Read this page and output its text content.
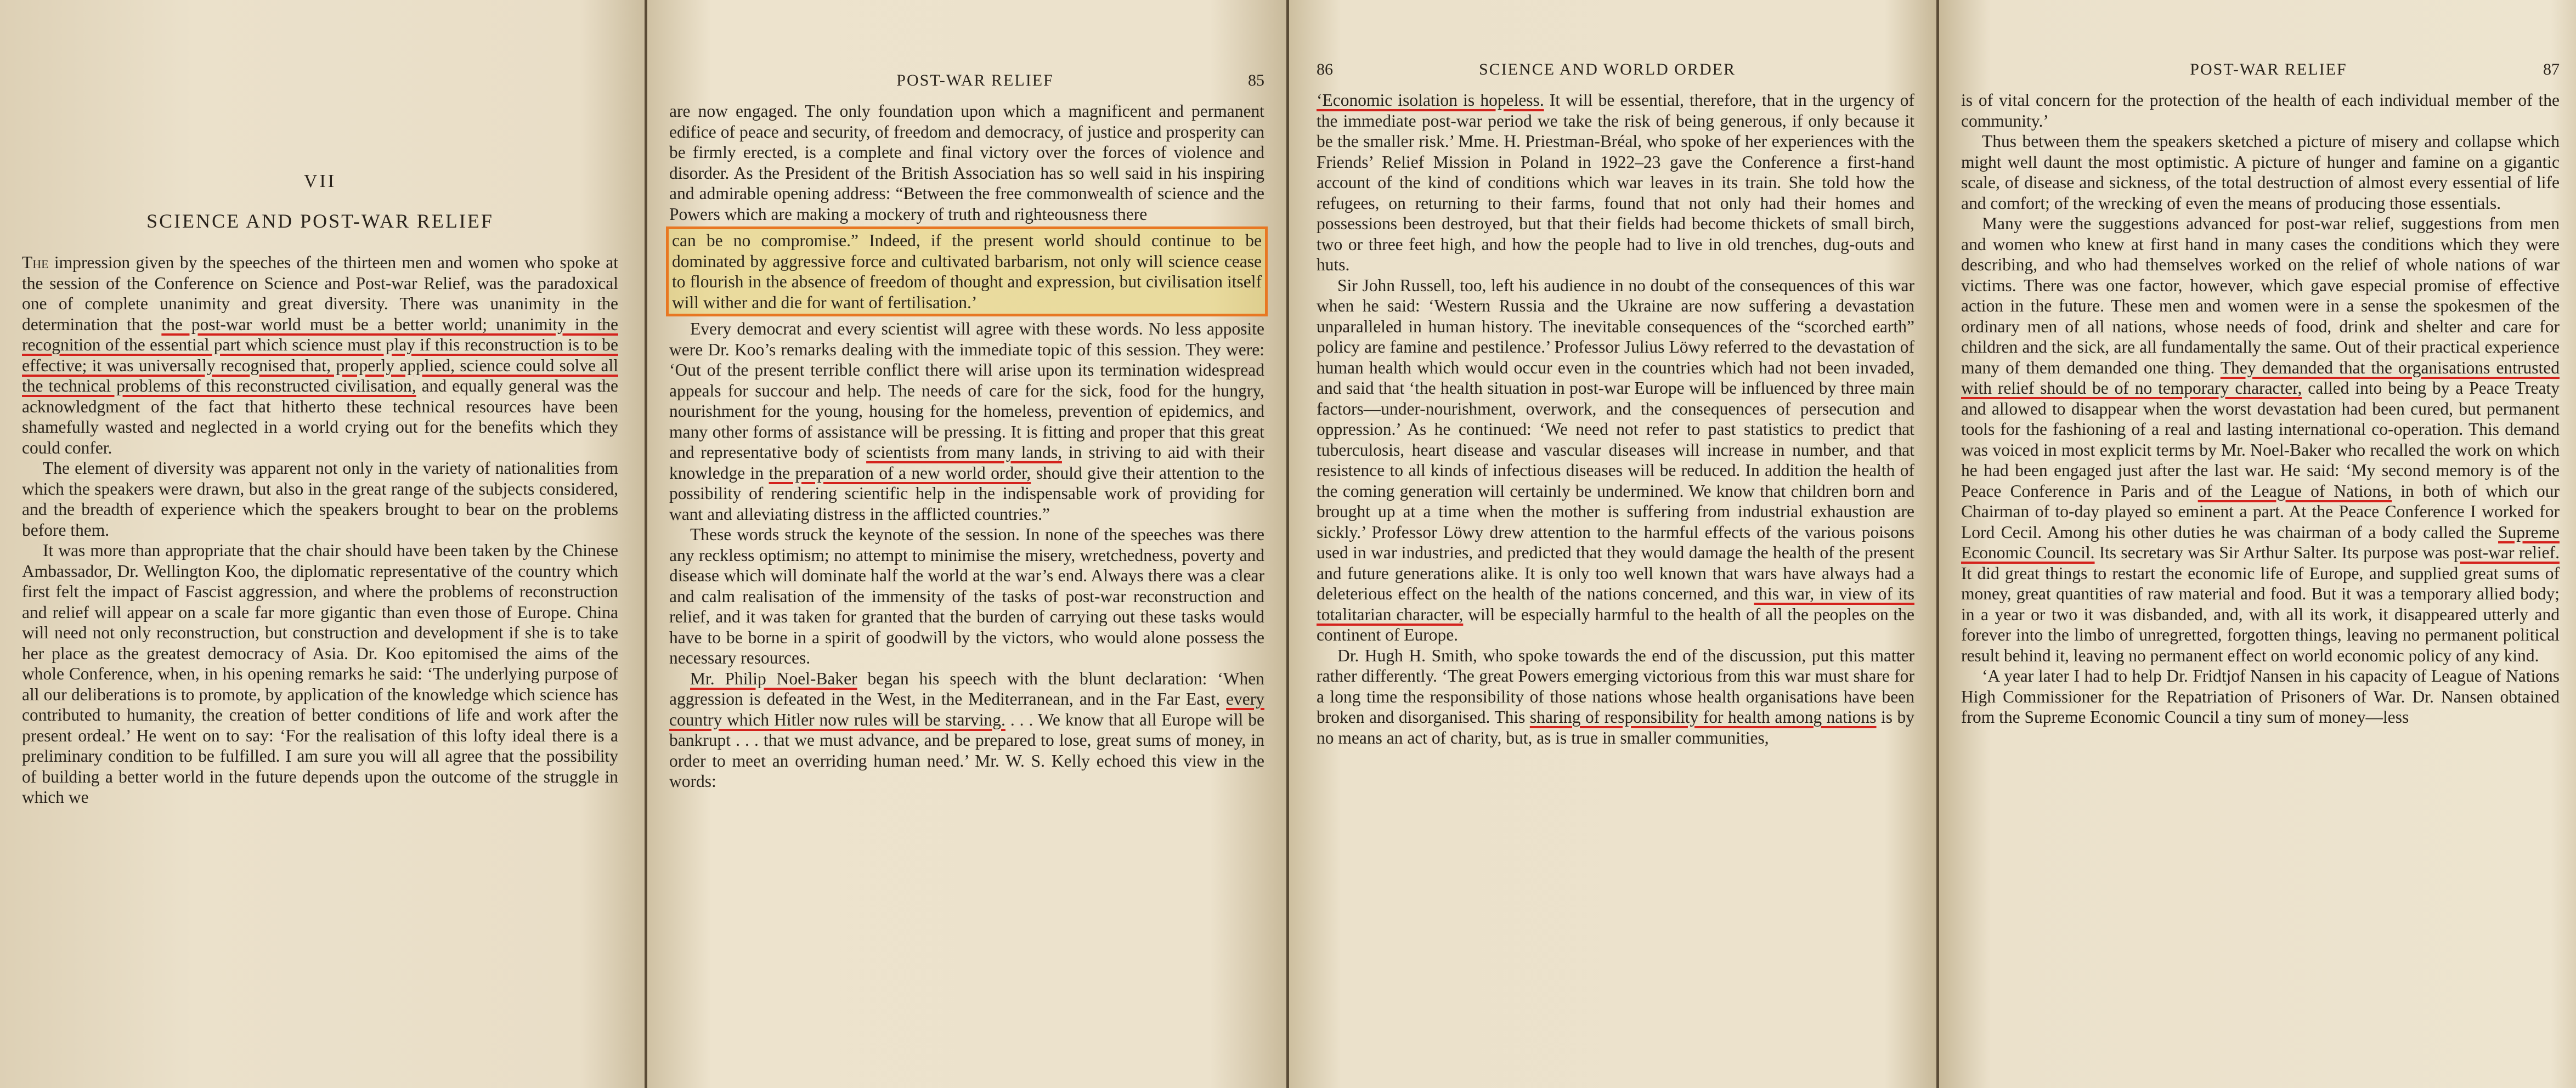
VII
SCIENCE AND POST-WAR RELIEF

The impression given by the speeches of the thirteen men and women who spoke at the session of the Conference on Science and Post-war Relief, was the paradoxical one of complete unanimity and great diversity. There was unanimity in the determination that the post-war world must be a better world; unanimity in the recognition of the essential part which science must play if this reconstruction is to be effective; it was universally recognised that, properly applied, science could solve all the technical problems of this reconstructed civilisation, and equally general was the acknowledgment of the fact that hitherto these technical resources have been shamefully wasted and neglected in a world crying out for the benefits which they could confer.

The element of diversity was apparent not only in the variety of nationalities from which the speakers were drawn, but also in the great range of the subjects considered, and the breadth of experience which the speakers brought to bear on the problems before them.

It was more than appropriate that the chair should have been taken by the Chinese Ambassador, Dr. Wellington Koo, the diplomatic representative of the country which first felt the impact of Fascist aggression, and where the problems of reconstruction and relief will appear on a scale far more gigantic than even those of Europe. China will need not only reconstruction, but construction and development if she is to take her place as the greatest democracy of Asia. Dr. Koo epitomised the aims of the whole Conference, when, in his opening remarks he said: ‘The underlying purpose of all our deliberations is to promote, by application of the knowledge which science has contributed to humanity, the creation of better conditions of life and work after the present ordeal.’ He went on to say: ‘For the realisation of this lofty ideal there is a preliminary condition to be fulfilled. I am sure you will all agree that the possibility of building a better world in the future depends upon the outcome of the struggle in which we

POST-WAR RELIEF	85

are now engaged. The only foundation upon which a magnificent and permanent edifice of peace and security, of freedom and democracy, of justice and prosperity can be firmly erected, is a complete and final victory over the forces of violence and disorder. As the President of the British Association has so well said in his inspiring and admirable opening address: “Between the free commonwealth of science and the Powers which are making a mockery of truth and righteousness there

can be no compromise.” Indeed, if the present world should continue to be dominated by aggressive force and cultivated barbarism, not only will science cease to flourish in the absence of freedom of thought and expression, but civilisation itself will wither and die for want of fertilisation.’

Every democrat and every scientist will agree with these words. No less apposite were Dr. Koo’s remarks dealing with the immediate topic of this session. They were: ‘Out of the present terrible conflict there will arise upon its termination widespread appeals for succour and help. The needs of care for the sick, food for the hungry, nourishment for the young, housing for the homeless, prevention of epidemics, and many other forms of assistance will be pressing. It is fitting and proper that this great and representative body of scientists from many lands, in striving to aid with their knowledge in the preparation of a new world order, should give their attention to the possibility of rendering scientific help in the indispensable work of providing for want and alleviating distress in the afflicted countries.”

These words struck the keynote of the session. In none of the speeches was there any reckless optimism; no attempt to minimise the misery, wretchedness, poverty and disease which will dominate half the world at the war’s end. Always there was a clear and calm realisation of the immensity of the tasks of post-war reconstruction and relief, and it was taken for granted that the burden of carrying out these tasks would have to be borne in a spirit of goodwill by the victors, who would alone possess the necessary resources.

Mr. Philip Noel-Baker began his speech with the blunt declaration: ‘When aggression is defeated in the West, in the Mediterranean, and in the Far East, every country which Hitler now rules will be starving. . . . We know that all Europe will be bankrupt . . . that we must advance, and be prepared to lose, great sums of money, in order to meet an overriding human need.’ Mr. W. S. Kelly echoed this view in the words:

86	SCIENCE AND WORLD ORDER

‘Economic isolation is hopeless. It will be essential, therefore, that in the urgency of the immediate post-war period we take the risk of being generous, if only because it be the smaller risk.’ Mme. H. Priestman-Bréal, who spoke of her experiences with the Friends’ Relief Mission in Poland in 1922–23 gave the Conference a first-hand account of the kind of conditions which war leaves in its train. She told how the refugees, on returning to their farms, found that not only had their homes and possessions been destroyed, but that their fields had become thickets of small birch, two or three feet high, and how the people had to live in old trenches, dug-outs and huts.

Sir John Russell, too, left his audience in no doubt of the consequences of this war when he said: ‘Western Russia and the Ukraine are now suffering a devastation unparalleled in human history. The inevitable consequences of the “scorched earth” policy are famine and pestilence.’ Professor Julius Löwy referred to the devastation of human health which would occur even in the countries which had not been invaded, and said that ‘the health situation in post-war Europe will be influenced by three main factors—under-nourishment, overwork, and the consequences of persecution and oppression.’ As he continued: ‘We need not refer to past statistics to predict that tuberculosis, heart disease and vascular diseases will increase in number, and that resistence to all kinds of infectious diseases will be reduced. In addition the health of the coming generation will certainly be undermined. We know that children born and brought up at a time when the mother is suffering from industrial exhaustion are sickly.’ Professor Löwy drew attention to the harmful effects of the various poisons used in war industries, and predicted that they would damage the health of the present and future generations alike. It is only too well known that wars have always had a deleterious effect on the health of the nations concerned, and this war, in view of its totalitarian character, will be especially harmful to the health of all the peoples on the continent of Europe.

Dr. Hugh H. Smith, who spoke towards the end of the discussion, put this matter rather differently. ‘The great Powers emerging victorious from this war must share for a long time the responsibility of those nations whose health organisations have been broken and disorganised. This sharing of responsibility for health among nations is by no means an act of charity, but, as is true in smaller communities,

POST-WAR RELIEF	87

is of vital concern for the protection of the health of each individual member of the community.’

Thus between them the speakers sketched a picture of misery and collapse which might well daunt the most optimistic. A picture of hunger and famine on a gigantic scale, of disease and sickness, of the total destruction of almost every essential of life and comfort; of the wrecking of even the means of producing those essentials.

Many were the suggestions advanced for post-war relief, suggestions from men and women who knew at first hand in many cases the conditions which they were describing, and who had themselves worked on the relief of whole nations of war victims. There was one factor, however, which gave especial promise of effective action in the future. These men and women were in a sense the spokesmen of the ordinary men of all nations, whose needs of food, drink and shelter and care for children and the sick, are all fundamentally the same. Out of their practical experience many of them demanded one thing. They demanded that the organisations entrusted with relief should be of no temporary character, called into being by a Peace Treaty and allowed to disappear when the worst devastation had been cured, but permanent tools for the fashioning of a real and lasting international co-operation. This demand was voiced in most explicit terms by Mr. Noel-Baker who recalled the work on which he had been engaged just after the last war. He said: ‘My second memory is of the Peace Conference in Paris and of the League of Nations, in both of which our Chairman of to-day played so eminent a part. At the Peace Conference I worked for Lord Cecil. Among his other duties he was chairman of a body called the Supreme Economic Council. Its secretary was Sir Arthur Salter. Its purpose was post-war relief. It did great things to restart the economic life of Europe, and supplied great sums of money, great quantities of raw material and food. But it was a temporary allied body; in a year or two it was disbanded, and, with all its work, it disappeared utterly and forever into the limbo of unregretted, forgotten things, leaving no permanent political result behind it, leaving no permanent effect on world economic policy of any kind.

‘A year later I had to help Dr. Fridtjof Nansen in his capacity of League of Nations High Commissioner for the Repatriation of Prisoners of War. Dr. Nansen obtained from the Supreme Economic Council a tiny sum of money—less
